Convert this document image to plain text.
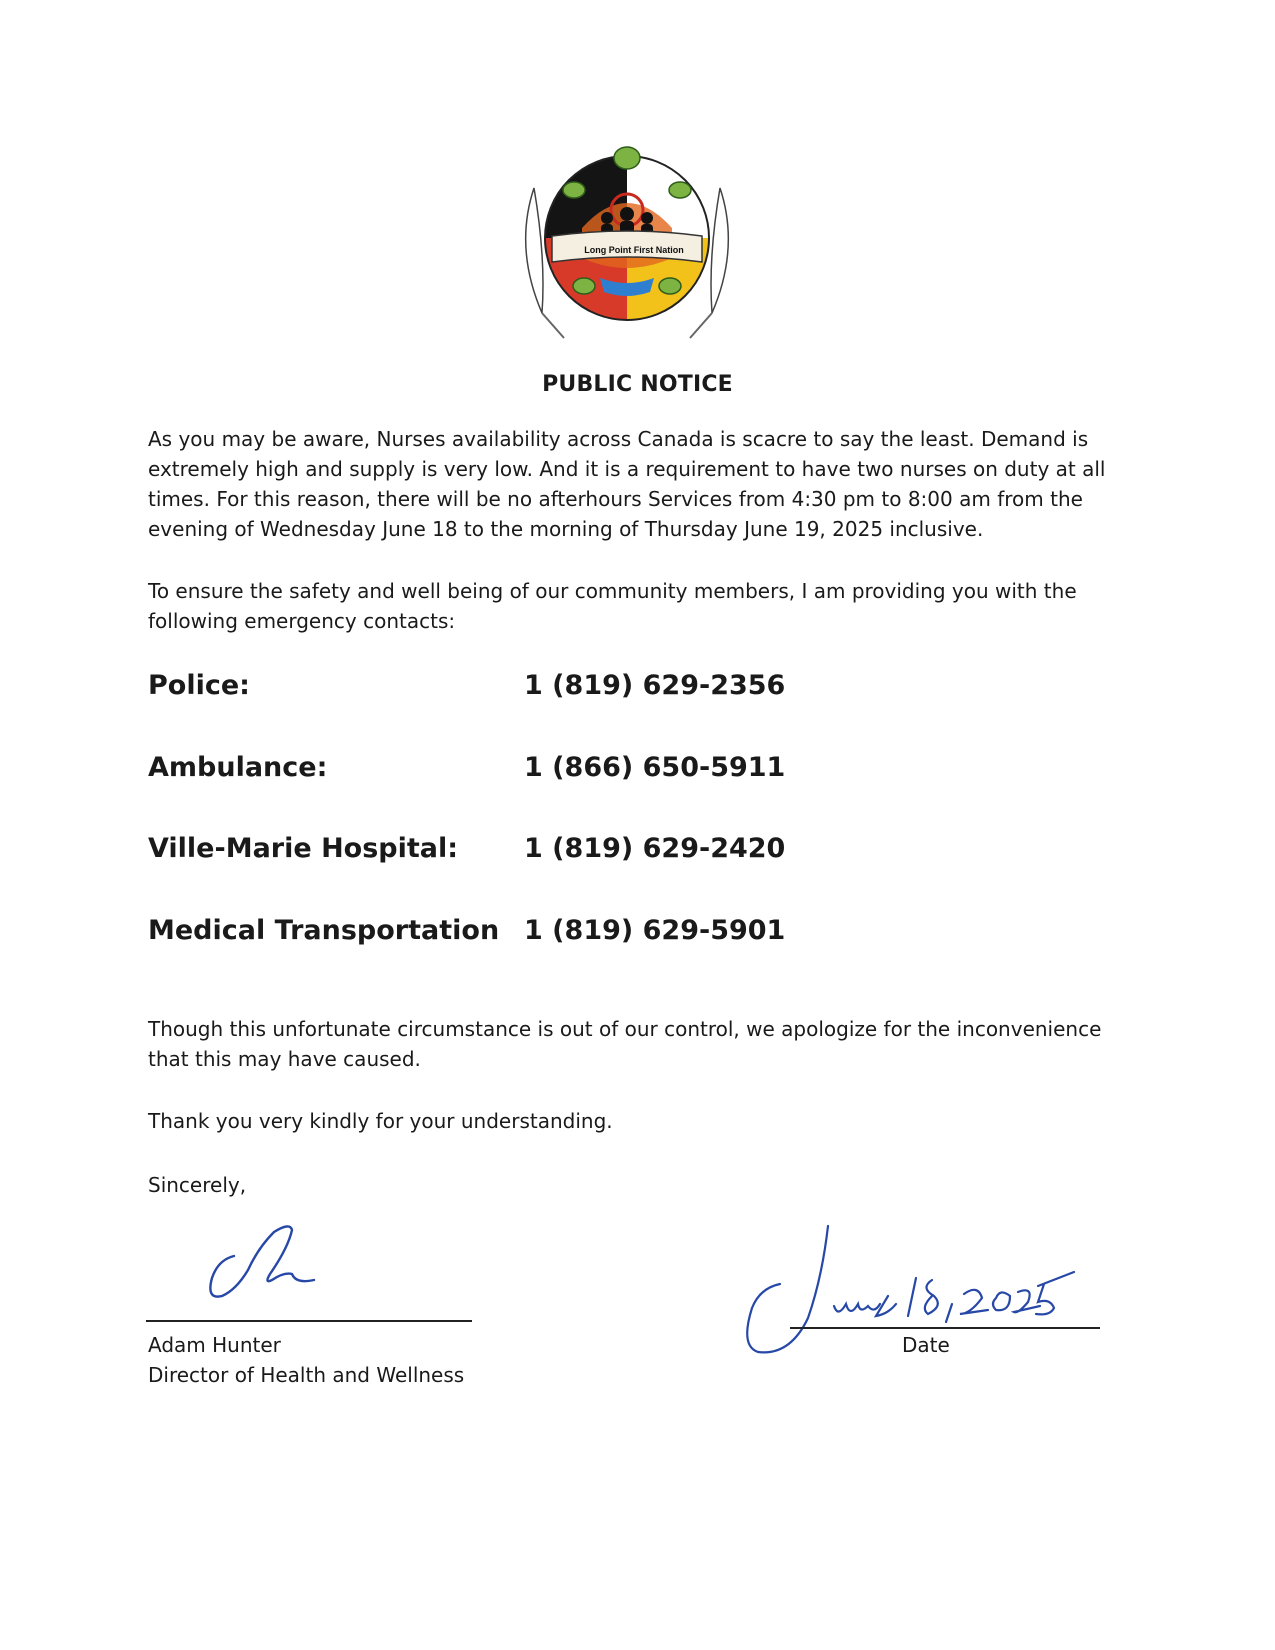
Long Point First Nation
PUBLIC NOTICE
As you may be aware, Nurses availability across Canada is scacre to say the least. Demand is extremely high and supply is very low. And it is a requirement to have two nurses on duty at all times. For this reason, there will be no afterhours Services from 4:30 pm to 8:00 am from the evening of Wednesday June 18 to the morning of Thursday June 19, 2025 inclusive.
To ensure the safety and well being of our community members, I am providing you with the following emergency contacts:
Police:	1 (819) 629-2356
Ambulance:	1 (866) 650-5911
Ville-Marie Hospital: 1 (819) 629-2420
Medical Transportation 1 (819) 629-5901
Though this unfortunate circumstance is out of our control, we apologize for the inconvenience that this may have caused.
Thank you very kindly for your understanding.
Sincerely,
Adam Hunter
Director of Health and Wellness
Date
